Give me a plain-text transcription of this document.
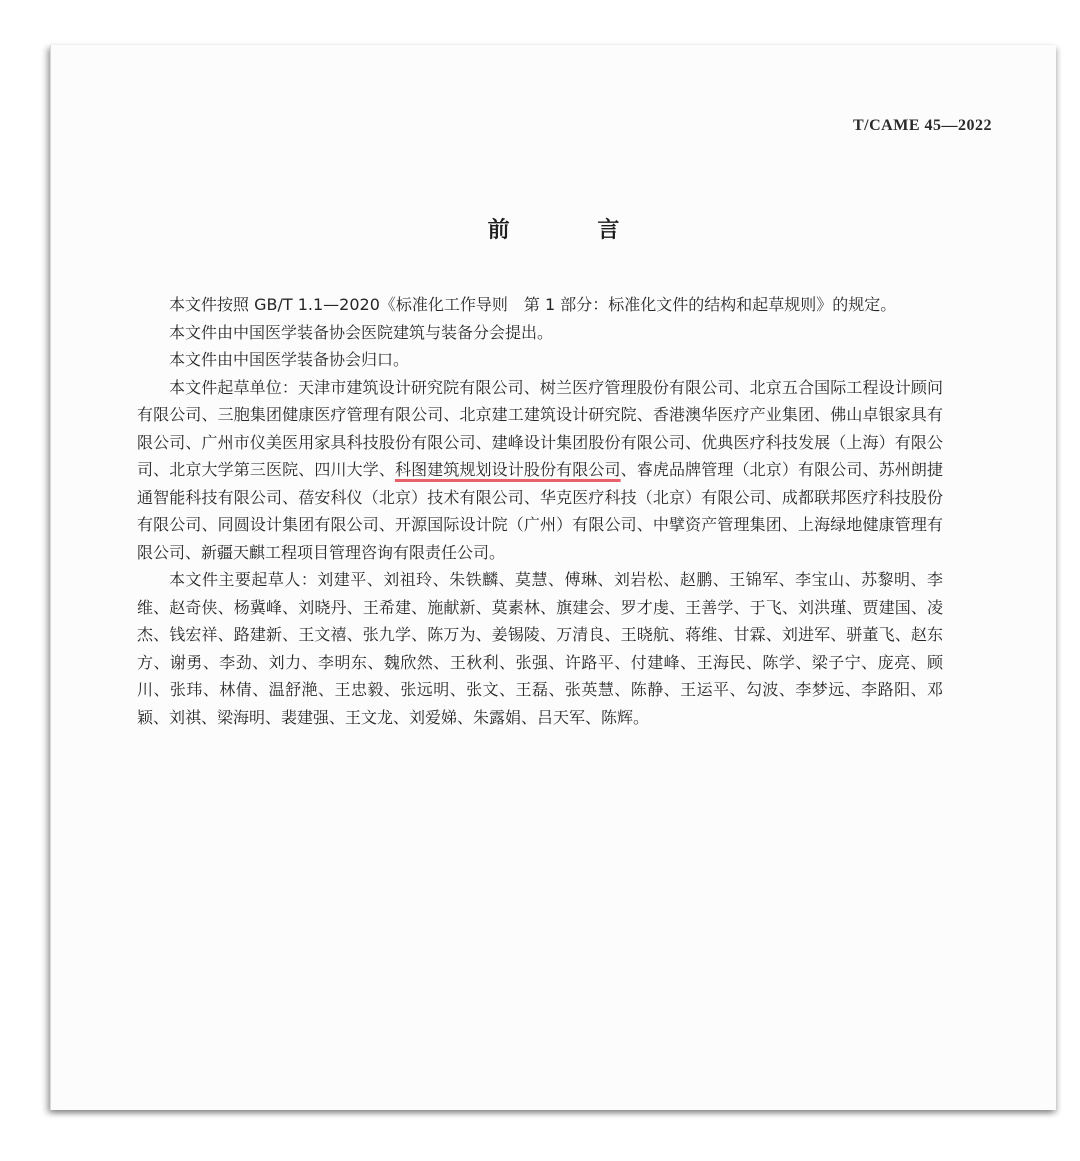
T/CAME 45—2022
前 言

本文件按照 GB/T 1.1—2020《标准化工作导则　第 1 部分：标准化文件的结构和起草规则》的规定。

本文件由中国医学装备协会医院建筑与装备分会提出。

本文件由中国医学装备协会归口。

本文件起草单位：天津市建筑设计研究院有限公司、树兰医疗管理股份有限公司、北京五合国际工程设计顾问有限公司、三胞集团健康医疗管理有限公司、北京建工建筑设计研究院、香港澳华医疗产业集团、佛山卓银家具有限公司、广州市仪美医用家具科技股份有限公司、建峰设计集团股份有限公司、优典医疗科技发展（上海）有限公司、北京大学第三医院、四川大学、科图建筑规划设计股份有限公司、睿虎品牌管理（北京）有限公司、苏州朗捷通智能科技有限公司、蓓安科仪（北京）技术有限公司、华克医疗科技（北京）有限公司、成都联邦医疗科技股份有限公司、同圆设计集团有限公司、开源国际设计院（广州）有限公司、中擘资产管理集团、上海绿地健康管理有限公司、新疆天麒工程项目管理咨询有限责任公司。

本文件主要起草人：刘建平、刘祖玲、朱铁麟、莫慧、傅琳、刘岩松、赵鹏、王锦军、李宝山、苏黎明、李维、赵奇侠、杨冀峰、刘晓丹、王希建、施献新、莫素林、旗建会、罗才虔、王善学、于飞、刘洪瑾、贾建国、凌杰、钱宏祥、路建新、王文禧、张九学、陈万为、姜锡陵、万清良、王晓航、蒋维、甘霖、刘进军、骈董飞、赵东方、谢勇、李劲、刘力、李明东、魏欣然、王秋利、张强、许路平、付建峰、王海民、陈学、梁子宁、庞亮、顾川、张玮、林倩、温舒滟、王忠毅、张远明、张文、王磊、张英慧、陈静、王运平、勾波、李梦远、李路阳、邓颖、刘祺、梁海明、裴建强、王文龙、刘爱娣、朱露娟、吕天军、陈辉。
